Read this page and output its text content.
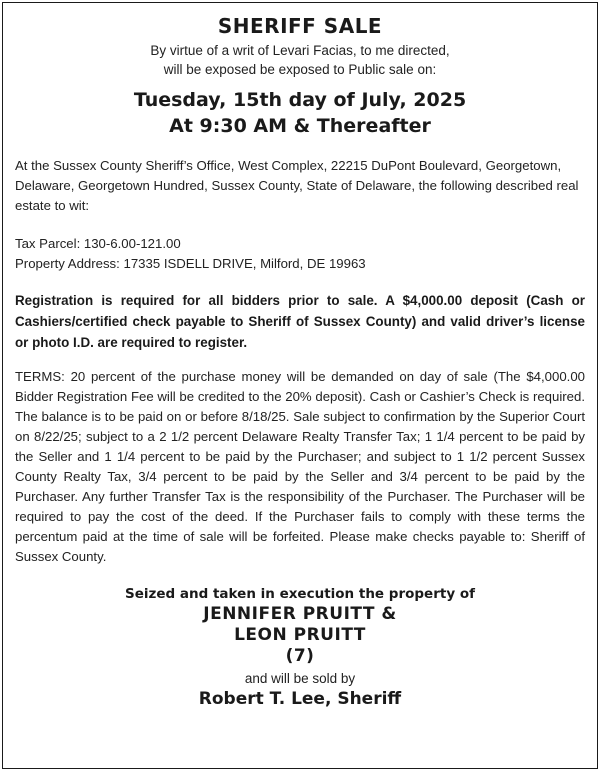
SHERIFF SALE

By virtue of a writ of Levari Facias, to me directed,
will be exposed be exposed to Public sale on:

Tuesday, 15th day of July, 2025
At 9:30 AM & Thereafter

At the Sussex County Sheriff’s Office, West Complex, 22215 DuPont Boulevard, Georgetown, Delaware, Georgetown Hundred, Sussex County, State of Delaware, the following described real estate to wit:

Tax Parcel: 130-6.00-121.00
Property Address: 17335 ISDELL DRIVE, Milford, DE 19963

Registration is required for all bidders prior to sale. A $4,000.00 deposit (Cash or Cashiers/certified check payable to Sheriff of Sussex County) and valid driver’s license or photo I.D. are required to register.

TERMS: 20 percent of the purchase money will be demanded on day of sale (The $4,000.00 Bidder Registration Fee will be credited to the 20% deposit). Cash or Cashier’s Check is required. The balance is to be paid on or before 8/18/25. Sale subject to confirmation by the Superior Court on 8/22/25; subject to a 2 1/2 percent Delaware Realty Transfer Tax; 1 1/4 percent to be paid by the Seller and 1 1/4 percent to be paid by the Purchaser; and subject to 1 1/2 percent Sussex County Realty Tax, 3/4 percent to be paid by the Seller and 3/4 percent to be paid by the Purchaser. Any further Transfer Tax is the responsibility of the Purchaser. The Purchaser will be required to pay the cost of the deed. If the Purchaser fails to comply with these terms the percentum paid at the time of sale will be forfeited. Please make checks payable to: Sheriff of Sussex County.

Seized and taken in execution the property of

JENNIFER PRUITT &

LEON PRUITT

(7)

and will be sold by

Robert T. Lee, Sheriff
